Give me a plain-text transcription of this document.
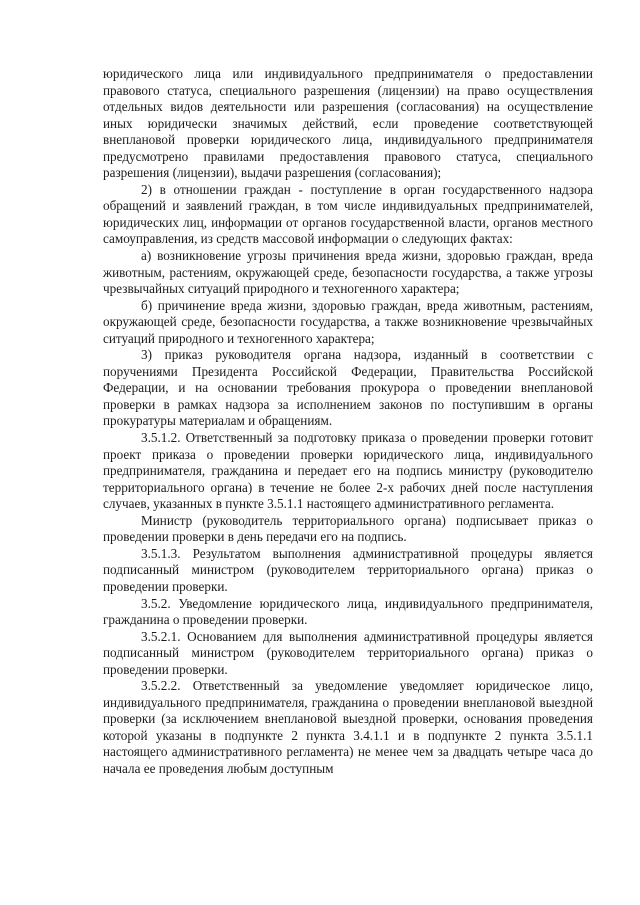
юридического лица или индивидуального предпринимателя о предоставлении правового статуса, специального разрешения (лицензии) на право осуществления отдельных видов деятельности или разрешения (согласования) на осуществление иных юридически значимых действий, если проведение соответствующей внеплановой проверки юридического лица, индивидуального предпринимателя предусмотрено правилами предоставления правового статуса, специального разрешения (лицензии), выдачи разрешения (согласования);

2) в отношении граждан - поступление в орган государственного надзора обращений и заявлений граждан, в том числе индивидуальных предпринимателей, юридических лиц, информации от органов государственной власти, органов местного самоуправления, из средств массовой информации о следующих фактах:

а) возникновение угрозы причинения вреда жизни, здоровью граждан, вреда животным, растениям, окружающей среде, безопасности государства, а также угрозы чрезвычайных ситуаций природного и техногенного характера;

б) причинение вреда жизни, здоровью граждан, вреда животным, растениям, окружающей среде, безопасности государства, а также возникновение чрезвычайных ситуаций природного и техногенного характера;

3) приказ руководителя органа надзора, изданный в соответствии с поручениями Президента Российской Федерации, Правительства Российской Федерации, и на основании требования прокурора о проведении внеплановой проверки в рамках надзора за исполнением законов по поступившим в органы прокуратуры материалам и обращениям.

3.5.1.2. Ответственный за подготовку приказа о проведении проверки готовит проект приказа о проведении проверки юридического лица, индивидуального предпринимателя, гражданина и передает его на подпись министру (руководителю территориального органа) в течение не более 2-х рабочих дней после наступления случаев, указанных в пункте 3.5.1.1 настоящего административного регламента.

Министр (руководитель территориального органа) подписывает приказ о проведении проверки в день передачи его на подпись.

3.5.1.3. Результатом выполнения административной процедуры является подписанный министром (руководителем территориального органа) приказ о проведении проверки.

3.5.2. Уведомление юридического лица, индивидуального предпринимателя, гражданина о проведении проверки.

3.5.2.1. Основанием для выполнения административной процедуры является подписанный министром (руководителем территориального органа) приказ о проведении проверки.

3.5.2.2. Ответственный за уведомление уведомляет юридическое лицо, индивидуального предпринимателя, гражданина о проведении внеплановой выездной проверки (за исключением внеплановой выездной проверки, основания проведения которой указаны в подпункте 2 пункта 3.4.1.1 и в подпункте 2 пункта 3.5.1.1 настоящего административного регламента) не менее чем за двадцать четыре часа до начала ее проведения любым доступным
